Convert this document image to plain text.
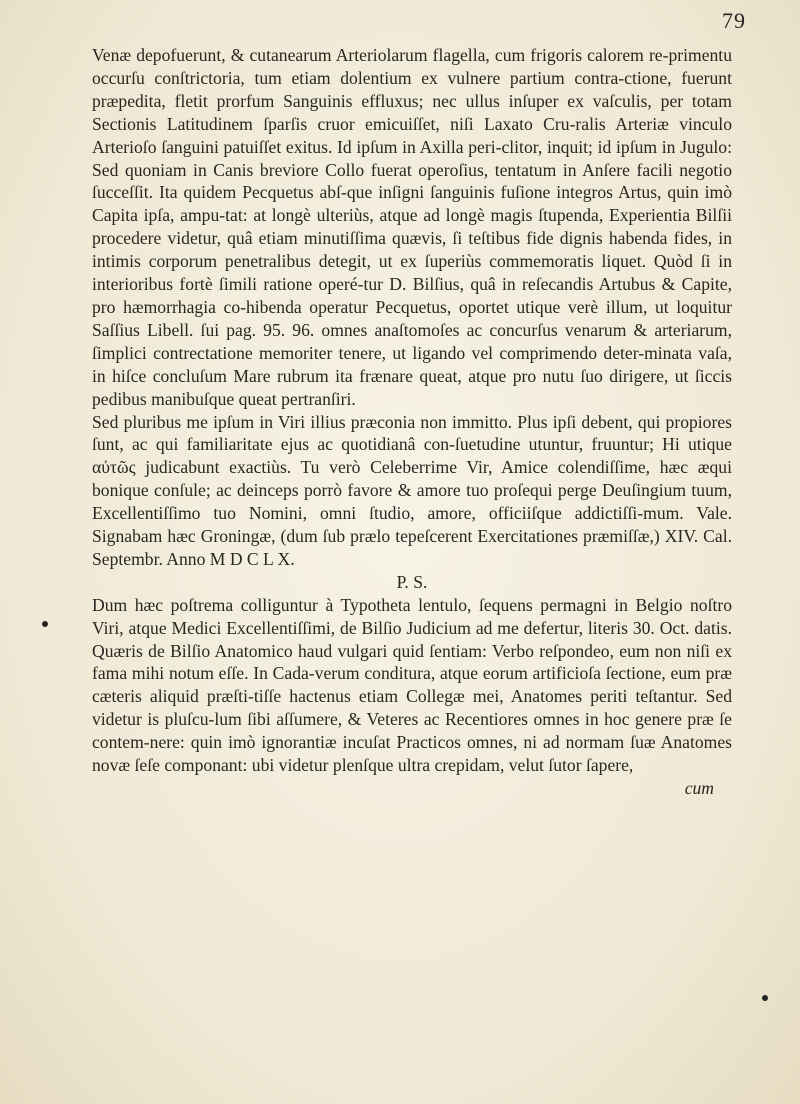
79

Venæ depofuerunt, & cutanearum Arteriolarum flagella, cum frigoris calorem re-primentu occurſu conſtrictoria, tum etiam dolentium ex vulnere partium contra-ctione, fuerunt præpedita, fletit prorfum Sanguinis effluxus; nec ullus inſuper ex vaſculis, per totam Sectionis Latitudinem ſparſis cruor emicuiſſet, niſi Laxato Cru-ralis Arteriæ vinculo Arterioſo ſanguini patuiſſet exitus. Id ipſum in Axilla peri-clitor, inquit; id ipſum in Jugulo: Sed quoniam in Canis breviore Collo fuerat operoſius, tentatum in Anſere facili negotio ſucceſſit. Ita quidem Pecquetus abſ-que inſigni ſanguinis fuſione integros Artus, quin imò Capita ipſa, ampu-tat: at longè ulteriùs, atque ad longè magis ſtupenda, Experientia Bilſii procedere videtur, quâ etiam minutiſſima quævis, ſi teſtibus fide dignis habenda fides, in intimis corporum penetralibus detegit, ut ex ſuperiùs commemoratis liquet. Quòd ſi in interioribus fortè ſimili ratione operé-tur D. Bilſius, quâ in reſecandis Artubus & Capite, pro hæmorrhagia co-hibenda operatur Pecquetus, oportet utique verè illum, ut loquitur Saſſius Libell. ſui pag. 95. 96. omnes anaſtomoſes ac concurſus venarum & arteriarum, ſimplici contrectatione memoriter tenere, ut ligando vel comprimendo deter-minata vaſa, in hiſce concluſum Mare rubrum ita frænare queat, atque pro nutu ſuo dirigere, ut ſiccis pedibus manibuſque queat pertranſiri.

Sed pluribus me ipſum in Viri illius præconia non immitto. Plus ipſi debent, qui propiores ſunt, ac qui familiaritate ejus ac quotidianâ con-ſuetudine utuntur, fruuntur; Hi utique αὐτῶς judicabunt exactiùs. Tu verò Celeberrime Vir, Amice colendiſſime, hæc æqui bonique conſule; ac deinceps porrò favore & amore tuo proſequi perge Deuſingium tuum, Excellentiſſimo tuo Nomini, omni ſtudio, amore, officiiſque addictiſſi-mum. Vale. Signabam hæc Groningæ, (dum ſub prælo tepeſcerent Exercitationes præmiſſæ,) XIV. Cal. Septembr. Anno M D C L X.

P. S.

Dum hæc poſtrema colliguntur à Typotheta lentulo, ſequens permagni in Belgio noſtro Viri, atque Medici Excellentiſſimi, de Bilſio Judicium ad me defertur, literis 30. Oct. datis. Quæris de Bilſio Anatomico haud vulgari quid ſentiam: Verbo reſpondeo, eum non niſi ex fama mihi notum eſſe. In Cada-verum conditura, atque eorum artificioſa ſectione, eum præ cæteris aliquid præſti-tiſſe hactenus etiam Collegæ mei, Anatomes periti teſtantur. Sed videtur is pluſcu-lum ſibi aſſumere, & Veteres ac Recentiores omnes in hoc genere præ ſe contem-nere: quin imò ignorantiæ incuſat Practicos omnes, ni ad normam ſuæ Anatomes novæ ſeſe componant: ubi videtur plenſque ultra crepidam, velut ſutor ſapere,

cum
